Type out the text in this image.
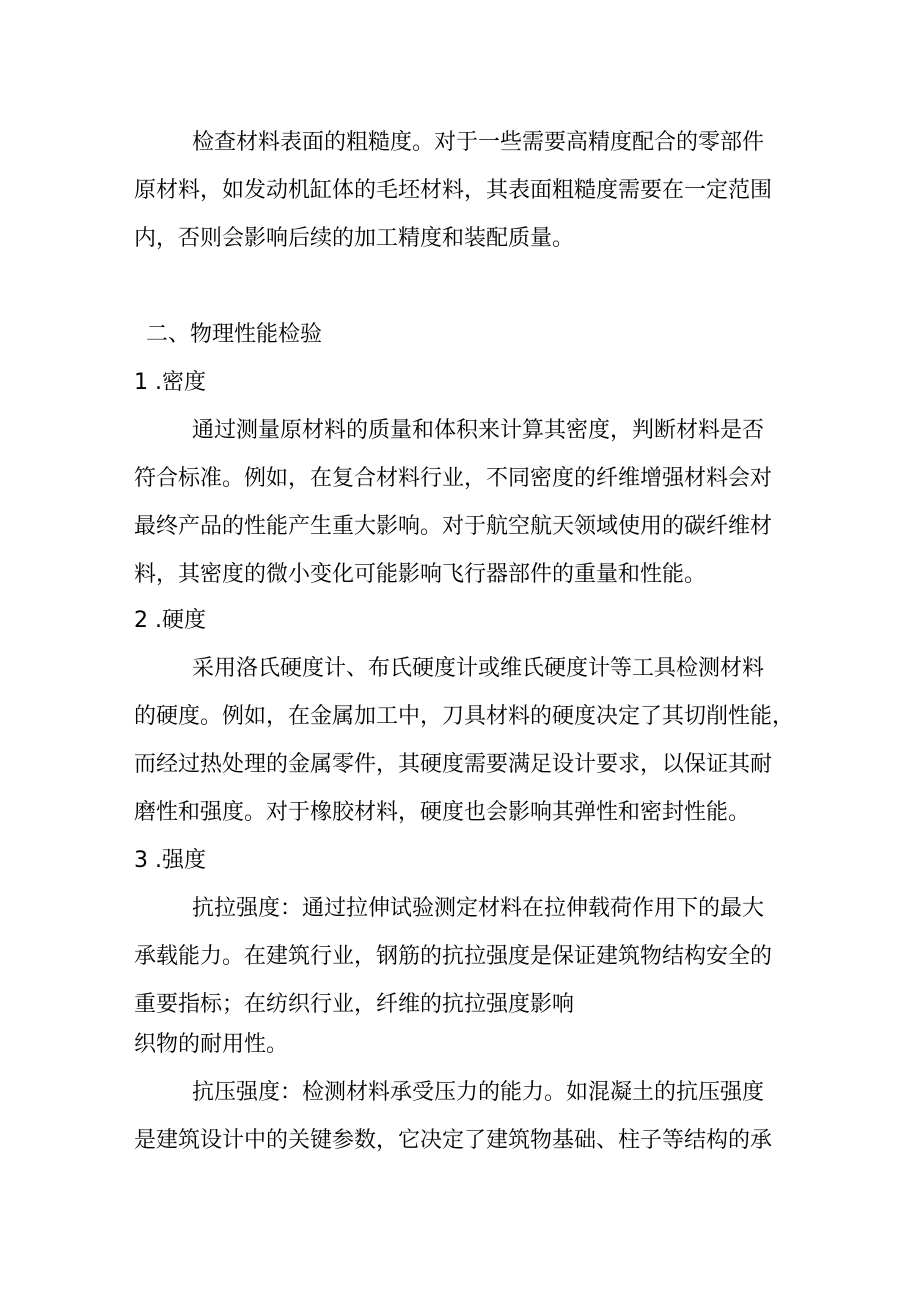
检查材料表面的粗糙度。对于一些需要高精度配合的零部件
原材料，如发动机缸体的毛坯材料，其表面粗糙度需要在一定范围
内，否则会影响后续的加工精度和装配质量。
二、物理性能检验
1 .密度
通过测量原材料的质量和体积来计算其密度，判断材料是否
符合标准。例如，在复合材料行业，不同密度的纤维增强材料会对
最终产品的性能产生重大影响。对于航空航天领域使用的碳纤维材
料，其密度的微小变化可能影响飞行器部件的重量和性能。
2 .硬度
采用洛氏硬度计、布氏硬度计或维氏硬度计等工具检测材料
的硬度。例如，在金属加工中，刀具材料的硬度决定了其切削性能，
而经过热处理的金属零件，其硬度需要满足设计要求，以保证其耐
磨性和强度。对于橡胶材料，硬度也会影响其弹性和密封性能。
3 .强度
抗拉强度：通过拉伸试验测定材料在拉伸载荷作用下的最大
承载能力。在建筑行业，钢筋的抗拉强度是保证建筑物结构安全的
重要指标；在纺织行业，纤维的抗拉强度影响
织物的耐用性。
抗压强度：检测材料承受压力的能力。如混凝土的抗压强度
是建筑设计中的关键参数，它决定了建筑物基础、柱子等结构的承
